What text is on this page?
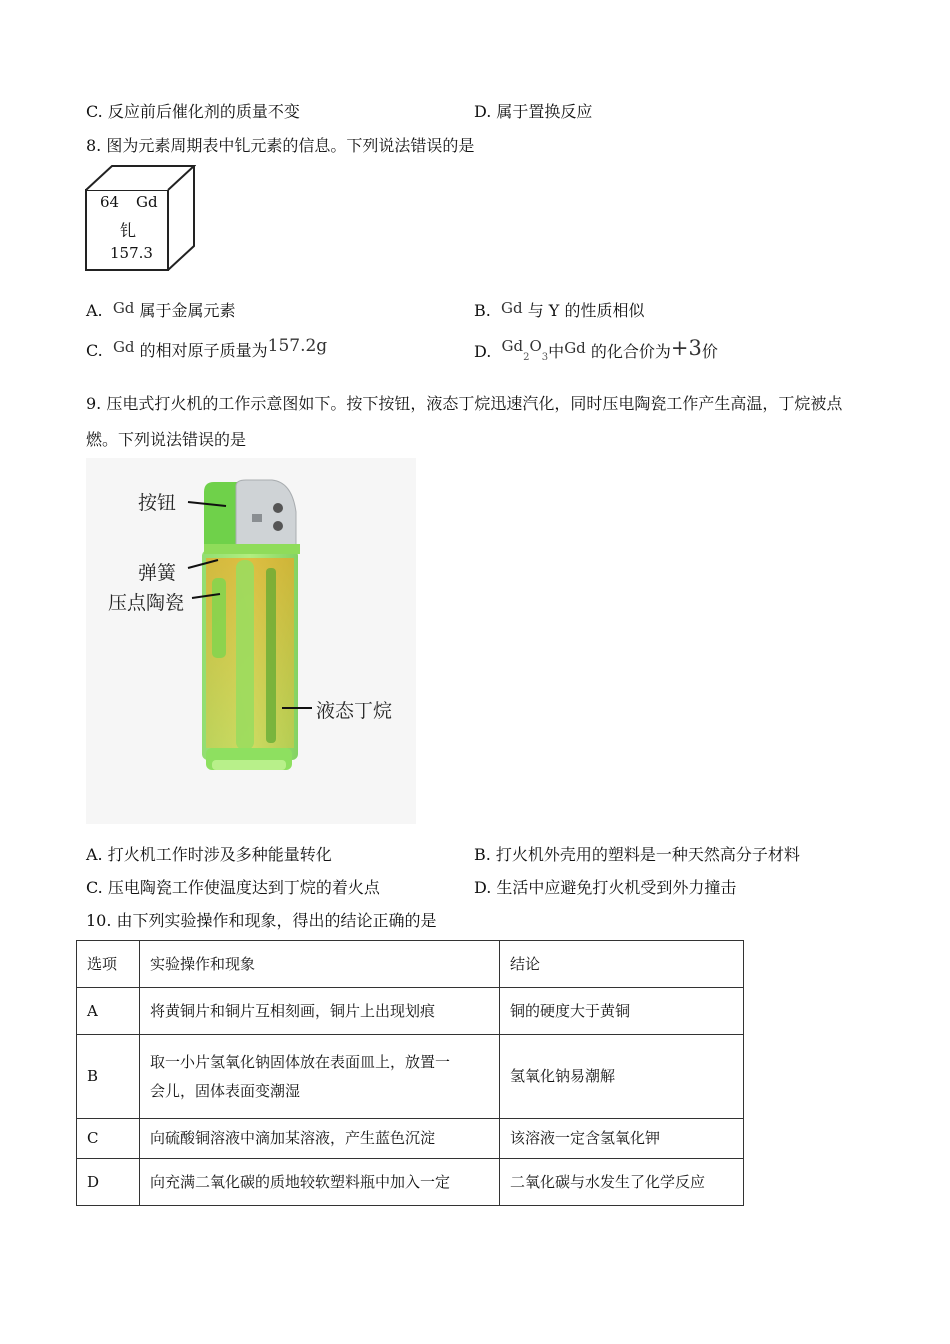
C. 反应前后催化剂的质量不变	D. 属于置换反应
8. 图为元素周期表中钆元素的信息。下列说法错误的是
64 Gd
钆
157.3
A. Gd 属于金属元素	B. Gd 与 Y 的性质相似
C. Gd 的相对原子质量为157.2g	D. $Gd_2O_3$中Gd 的化合价为+3价
9. 压电式打火机的工作示意图如下。按下按钮，液态丁烷迅速汽化，同时压电陶瓷工作产生高温，丁烷被点
燃。下列说法错误的是
按钮
弹簧
压点陶瓷
液态丁烷
A. 打火机工作时涉及多种能量转化	B. 打火机外壳用的塑料是一种天然高分子材料
C. 压电陶瓷工作使温度达到丁烷的着火点	D. 生活中应避免打火机受到外力撞击
10. 由下列实验操作和现象，得出的结论正确的是
选项	实验操作和现象	结论
A	将黄铜片和铜片互相刻画，铜片上出现划痕	铜的硬度大于黄铜
B	取一小片氢氧化钠固体放在表面皿上，放置一
会儿，固体表面变潮湿	氢氧化钠易潮解
C	向硫酸铜溶液中滴加某溶液，产生蓝色沉淀	该溶液一定含氢氧化钾
D	向充满二氧化碳的质地较软塑料瓶中加入一定	二氧化碳与水发生了化学反应
